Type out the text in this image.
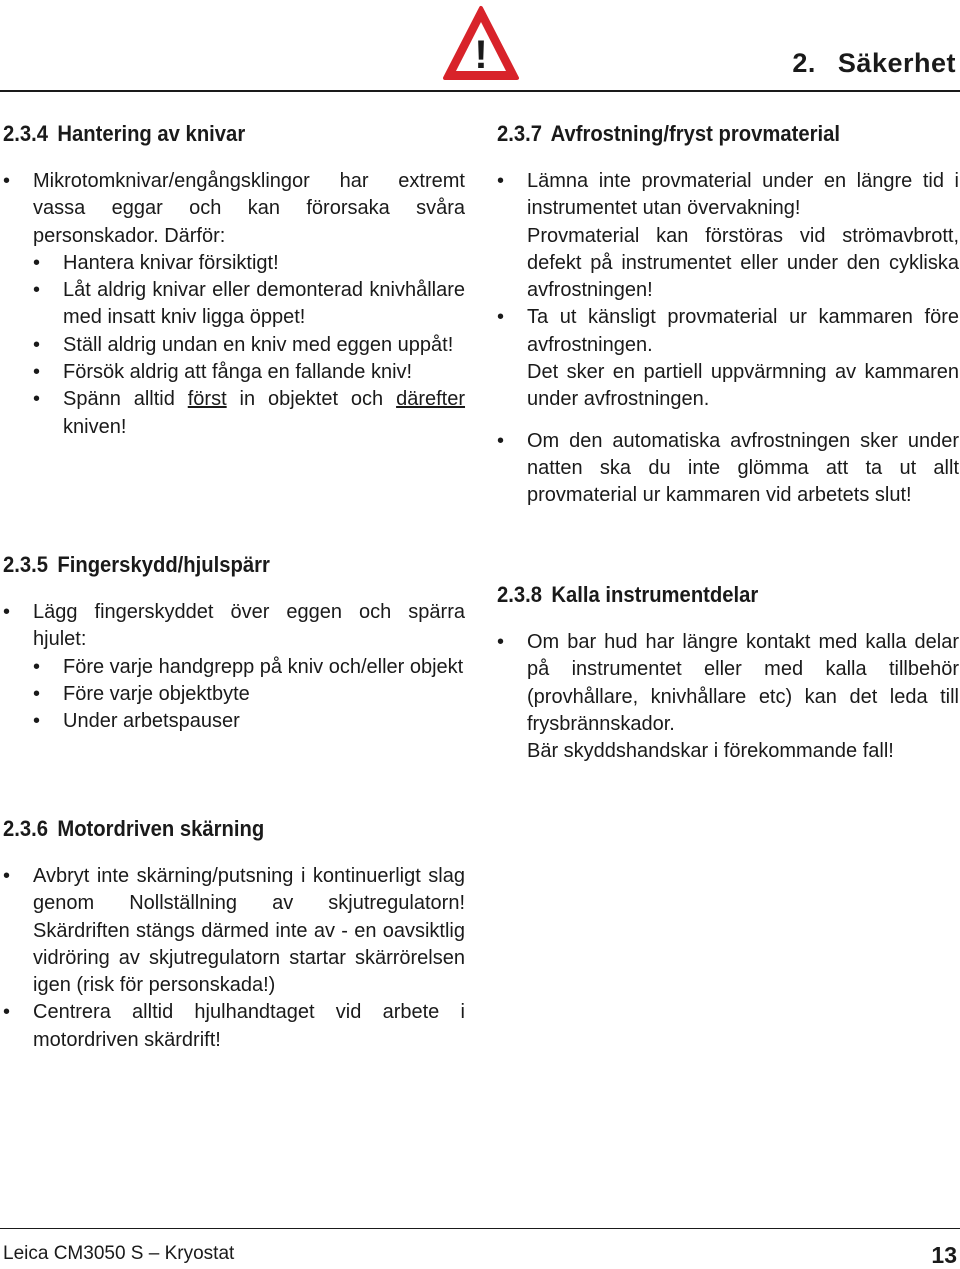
!	2. Säkerhet
2.3.4 Hantering av knivar
• Mikrotomknivar/engångsklingor har extremt vassa eggar och kan förorsaka svåra personskador. Därför:
• Hantera knivar försiktigt!
• Låt aldrig knivar eller demonterad knivhållare med insatt kniv ligga öppet!
• Ställ aldrig undan en kniv med eggen uppåt!
• Försök aldrig att fånga en fallande kniv!
• Spänn alltid först in objektet och därefter kniven!
2.3.5 Fingerskydd/hjulspärr
• Lägg fingerskyddet över eggen och spärra hjulet:
• Före varje handgrepp på kniv och/eller objekt
• Före varje objektbyte
• Under arbetspauser
2.3.6 Motordriven skärning
• Avbryt inte skärning/putsning i kontinuerligt slag genom Nollställning av skjutregulatorn! Skärdriften stängs därmed inte av - en oavsiktlig vidröring av skjutregulatorn startar skärrörelsen igen (risk för personskada!)
• Centrera alltid hjulhandtaget vid arbete i motordriven skärdrift!
2.3.7 Avfrostning/fryst provmaterial
• Lämna inte provmaterial under en längre tid i instrumentet utan övervakning!
Provmaterial kan förstöras vid strömavbrott, defekt på instrumentet eller under den cykliska avfrostningen!
• Ta ut känsligt provmaterial ur kammaren före avfrostningen.
Det sker en partiell uppvärmning av kammaren under avfrostningen.
• Om den automatiska avfrostningen sker under natten ska du inte glömma att ta ut allt provmaterial ur kammaren vid arbetets slut!
2.3.8 Kalla instrumentdelar
• Om bar hud har längre kontakt med kalla delar på instrumentet eller med kalla tillbehör (provhållare, knivhållare etc) kan det leda till frysbrännskador.
Bär skyddshandskar i förekommande fall!
Leica CM3050 S – Kryostat	13
